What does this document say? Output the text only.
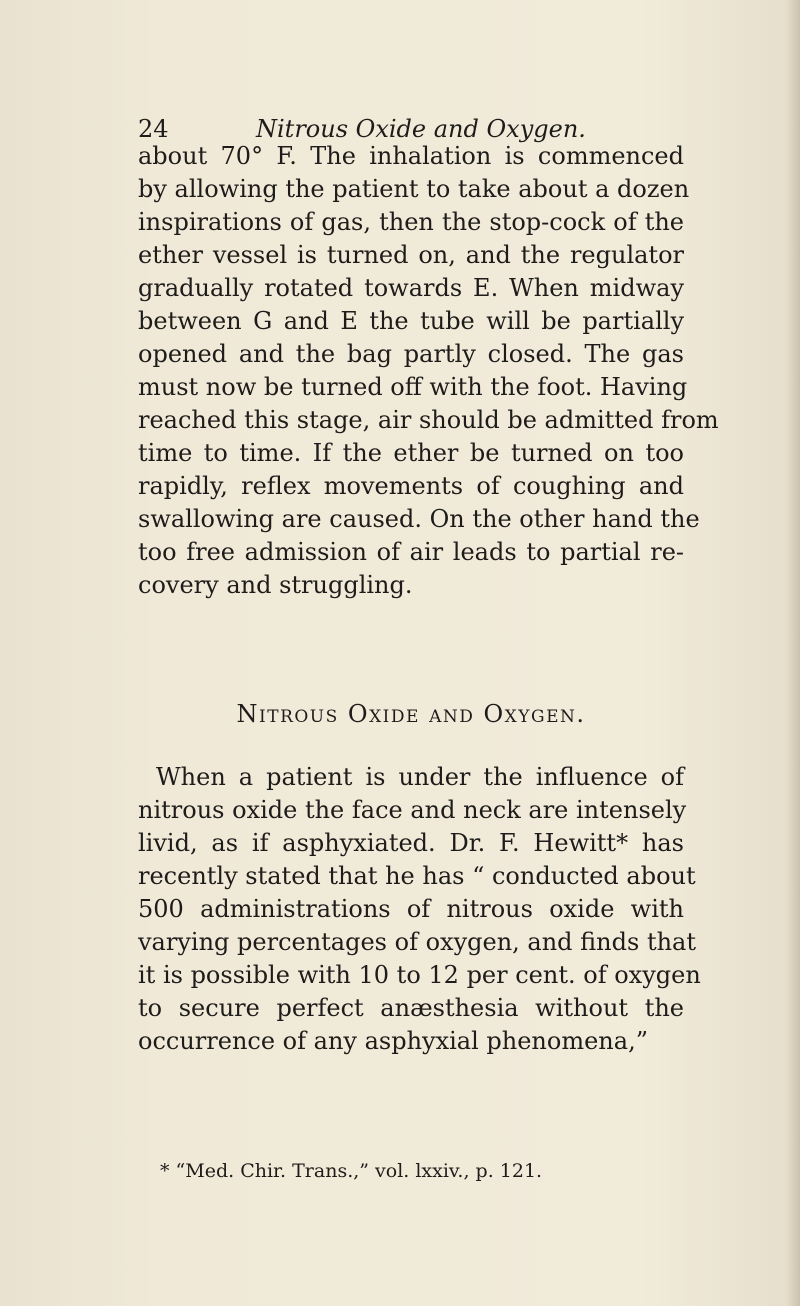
24	Nitrous Oxide and Oxygen.
about 70° F. The inhalation is commenced
by allowing the patient to take about a dozen
inspirations of gas, then the stop-cock of the
ether vessel is turned on, and the regulator
gradually rotated towards E. When midway
between G and E the tube will be partially
opened and the bag partly closed. The gas
must now be turned off with the foot. Having
reached this stage, air should be admitted from
time to time. If the ether be turned on too
rapidly, reflex movements of coughing and
swallowing are caused. On the other hand the
too free admission of air leads to partial re-
covery and struggling.
Nitrous Oxide and Oxygen.
When a patient is under the influence of
nitrous oxide the face and neck are intensely
livid, as if asphyxiated. Dr. F. Hewitt* has
recently stated that he has “ conducted about
500 administrations of nitrous oxide with
varying percentages of oxygen, and finds that
it is possible with 10 to 12 per cent. of oxygen
to secure perfect anæsthesia without the
occurrence of any asphyxial phenomena,”
* “Med. Chir. Trans.,” vol. lxxiv., p. 121.
